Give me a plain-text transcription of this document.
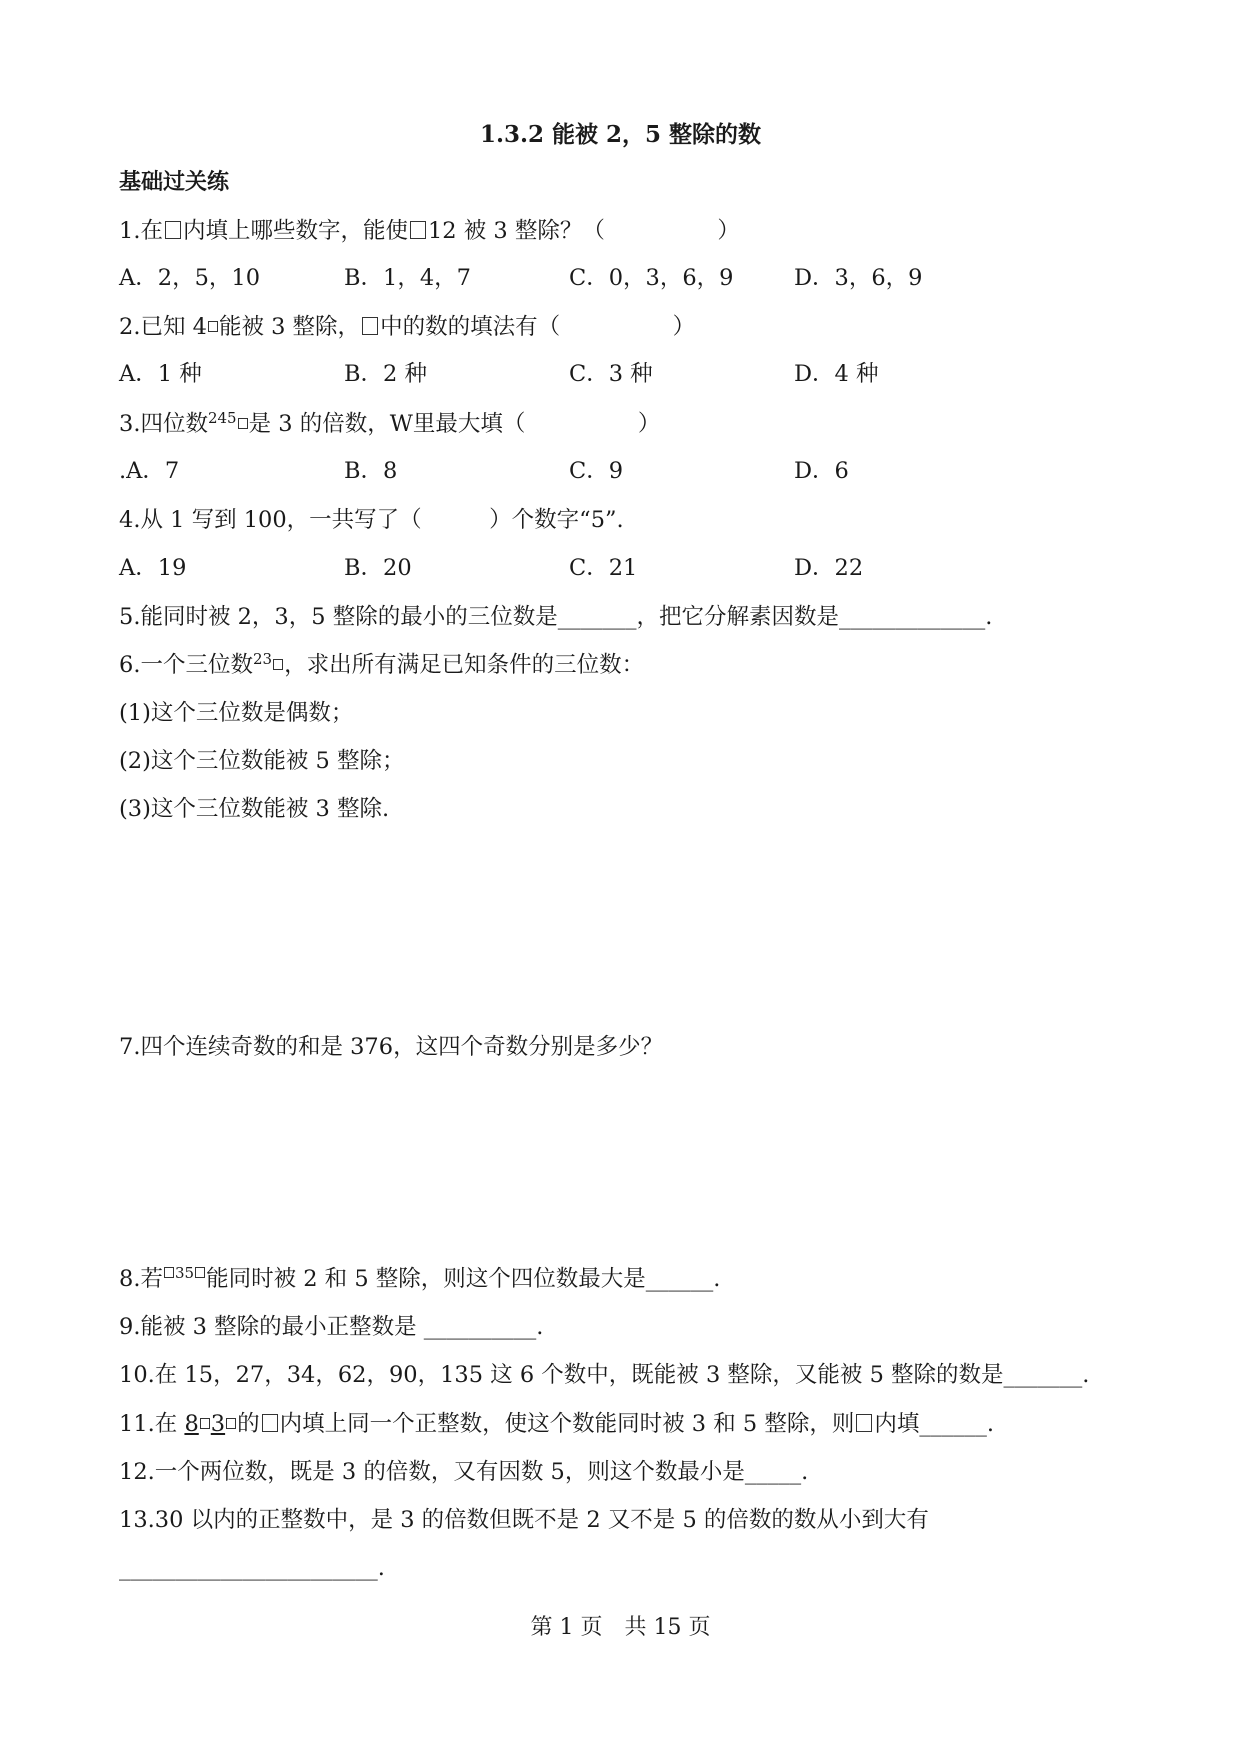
1.3.2 能被 2，5 整除的数
基础过关练
1.在 内填上哪些数字，能使 12 被 3 整除？（　　　　　）
A．2，5，10	B．1，4，7	C．0，3，6，9	D．3，6，9
2.已知 4 能被 3 整除， 中的数的填法有（　　　　　）
A．1 种	B．2 种	C．3 种	D．4 种
3.四位数$^{245}$ 是 3 的倍数，W里最大填（　　　　　）
.A．7	B．8	C．9	D．6
4.从 1 写到 100，一共写了（　　　）个数字“5”.
A．19	B．20	C．21	D．22
5.能同时被 2，3，5 整除的最小的三位数是_______，把它分解素因数是_____________.
6.一个三位数$^{23}$ ，求出所有满足已知条件的三位数：
(1)这个三位数是偶数；
(2)这个三位数能被 5 整除；
(3)这个三位数能被 3 整除.
7.四个连续奇数的和是 376，这四个奇数分别是多少？
8.若 $^{35}$ 能同时被 2 和 5 整除，则这个四位数最大是______.
9.能被 3 整除的最小正整数是 __________.
10.在 15，27，34，62，90，135 这 6 个数中，既能被 3 整除，又能被 5 整除的数是_______.
11.在 8 3 的 内填上同一个正整数，使这个数能同时被 3 和 5 整除，则 内填______.
12.一个两位数，既是 3 的倍数，又有因数 5，则这个数最小是_____.
13.30 以内的正整数中，是 3 的倍数但既不是 2 又不是 5 的倍数的数从小到大有
_______________________.
第 1 页　共 15 页
